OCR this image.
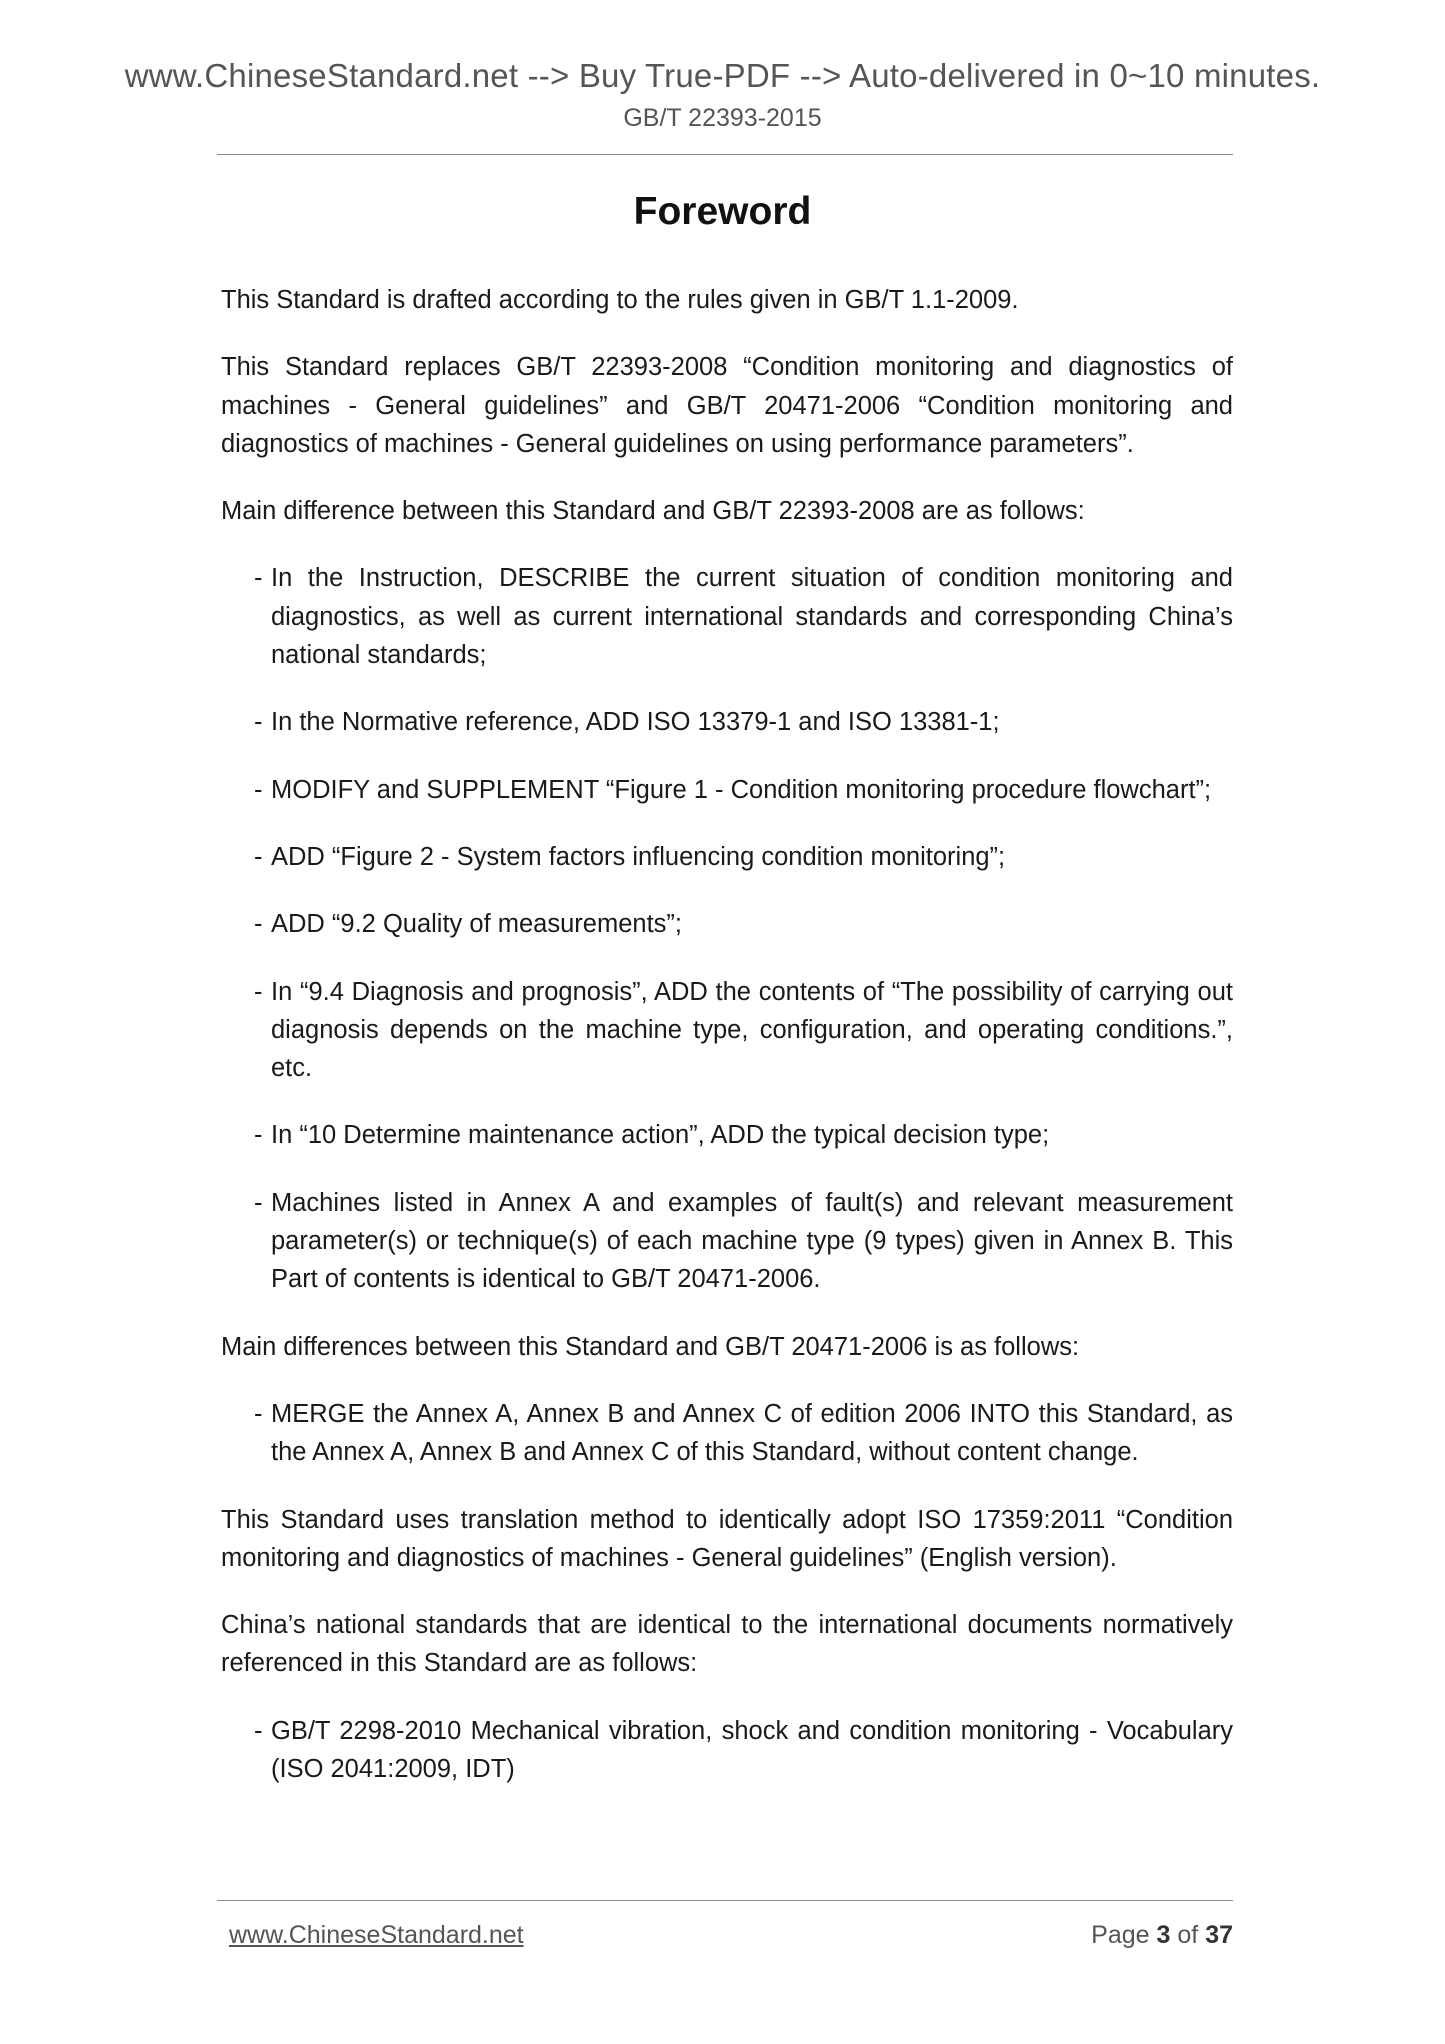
www.ChineseStandard.net --> Buy True-PDF --> Auto-delivered in 0~10 minutes.
GB/T 22393-2015
Foreword

This Standard is drafted according to the rules given in GB/T 1.1-2009.

This Standard replaces GB/T 22393-2008 “Condition monitoring and diagnostics of machines - General guidelines” and GB/T 20471-2006 “Condition monitoring and diagnostics of machines - General guidelines on using performance parameters”.

Main difference between this Standard and GB/T 22393-2008 are as follows:

- In the Instruction, DESCRIBE the current situation of condition monitoring and diagnostics, as well as current international standards and corresponding China’s national standards;
- In the Normative reference, ADD ISO 13379-1 and ISO 13381-1;
- MODIFY and SUPPLEMENT “Figure 1 - Condition monitoring procedure flowchart”;
- ADD “Figure 2 - System factors influencing condition monitoring”;
- ADD “9.2 Quality of measurements”;
- In “9.4 Diagnosis and prognosis”, ADD the contents of “The possibility of carrying out diagnosis depends on the machine type, configuration, and operating conditions.”, etc.
- In “10 Determine maintenance action”, ADD the typical decision type;
- Machines listed in Annex A and examples of fault(s) and relevant measurement parameter(s) or technique(s) of each machine type (9 types) given in Annex B. This Part of contents is identical to GB/T 20471-2006.

Main differences between this Standard and GB/T 20471-2006 is as follows:

- MERGE the Annex A, Annex B and Annex C of edition 2006 INTO this Standard, as the Annex A, Annex B and Annex C of this Standard, without content change.

This Standard uses translation method to identically adopt ISO 17359:2011 “Condition monitoring and diagnostics of machines - General guidelines” (English version).

China’s national standards that are identical to the international documents normatively referenced in this Standard are as follows:

- GB/T 2298-2010 Mechanical vibration, shock and condition monitoring - Vocabulary (ISO 2041:2009, IDT)
www.ChineseStandard.net	Page 3 of 37
